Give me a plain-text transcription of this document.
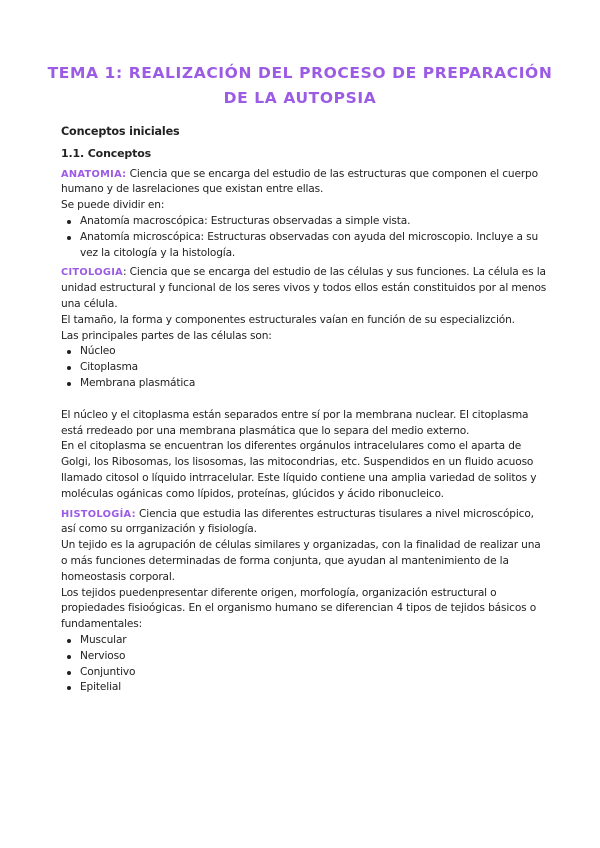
TEMA 1: REALIZACIÓN DEL PROCESO DE PREPARACIÓN DE LA AUTOPSIA
Conceptos iniciales
1.1. Conceptos

ANATOMIA: Ciencia que se encarga del estudio de las estructuras que componen el cuerpo humano y de lasrelaciones que existan entre ellas.

Se puede dividir en:

Anatomía macroscópica: Estructuras observadas a simple vista.
Anatomía microscópica: Estructuras observadas con ayuda del microscopio. Incluye a su vez la citología y la histología.

CITOLOGIA: Ciencia que se encarga del estudio de las células y sus funciones. La célula es la unidad estructural y funcional de los seres vivos y todos ellos están constituidos por al menos una célula.

El tamaño, la forma y componentes estructurales vaían en función de su especializción.

Las principales partes de las células son:

Núcleo
Citoplasma
Membrana plasmática

El núcleo y el citoplasma están separados entre sí por la membrana nuclear. El citoplasma está rredeado por una membrana plasmática que lo separa del medio externo.

En el citoplasma se encuentran los diferentes orgánulos intracelulares como el aparta de Golgi, los Ribosomas, los lisosomas, las mitocondrias, etc. Suspendidos en un fluido acuoso llamado citosol o líquido intrracelular. Este líquido contiene una amplia variedad de solitos y moléculas ogánicas como lípidos, proteínas, glúcidos y ácido ribonucleico.

HISTOLOGÍA: Ciencia que estudia las diferentes estructuras tisulares a nivel microscópico, así como su orrganización y fisiología.

Un tejido es la agrupación de células similares y organizadas, con la finalidad de realizar una o más funciones determinadas de forma conjunta, que ayudan al mantenimiento de la homeostasis corporal.

Los tejidos puedenpresentar diferente origen, morfología, organización estructural o propiedades fisioógicas. En el organismo humano se diferencian 4 tipos de tejidos básicos o fundamentales:

Muscular
Nervioso
Conjuntivo
Epitelial
